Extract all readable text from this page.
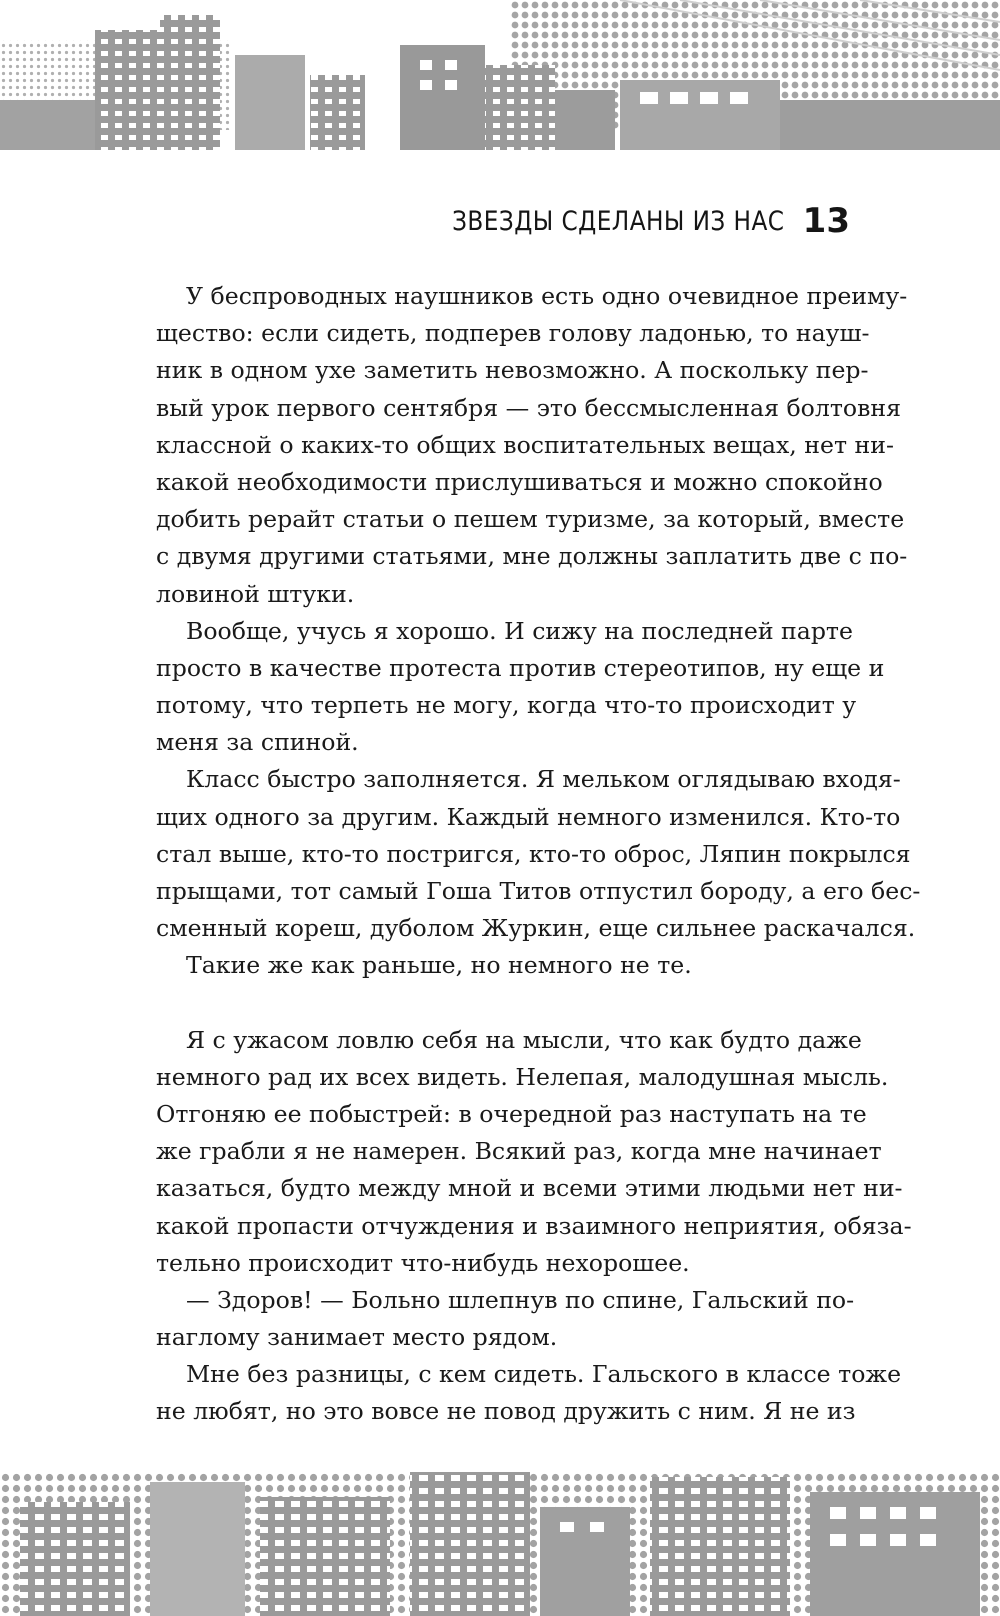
ЗВЕЗДЫ СДЕЛАНЫ ИЗ НАС 13
У беспроводных наушников есть одно очевидное преиму-
щество: если сидеть, подперев голову ладонью, то науш-
ник в одном ухе заметить невозможно. А поскольку пер-
вый урок первого сентября — это бессмысленная болтовня
классной о каких-то общих воспитательных вещах, нет ни-
какой необходимости прислушиваться и можно спокойно
добить рерайт статьи о пешем туризме, за который, вместе
с двумя другими статьями, мне должны заплатить две с по-
ловиной штуки.
Вообще, учусь я хорошо. И сижу на последней парте
просто в качестве протеста против стереотипов, ну еще и
потому, что терпеть не могу, когда что-то происходит у
меня за спиной.
Класс быстро заполняется. Я мельком оглядываю входя-
щих одного за другим. Каждый немного изменился. Кто-то
стал выше, кто-то постригся, кто-то оброс, Ляпин покрылся
прыщами, тот самый Гоша Титов отпустил бороду, а его бес-
сменный кореш, дуболом Журкин, еще сильнее раскачался.
Такие же как раньше, но немного не те.
Я с ужасом ловлю себя на мысли, что как будто даже
немного рад их всех видеть. Нелепая, малодушная мысль.
Отгоняю ее побыстрей: в очередной раз наступать на те
же грабли я не намерен. Всякий раз, когда мне начинает
казаться, будто между мной и всеми этими людьми нет ни-
какой пропасти отчуждения и взаимного неприятия, обяза-
тельно происходит что-нибудь нехорошее.
— Здоров! — Больно шлепнув по спине, Гальский по-
наглому занимает место рядом.
Мне без разницы, с кем сидеть. Гальского в классе тоже
не любят, но это вовсе не повод дружить с ним. Я не из
